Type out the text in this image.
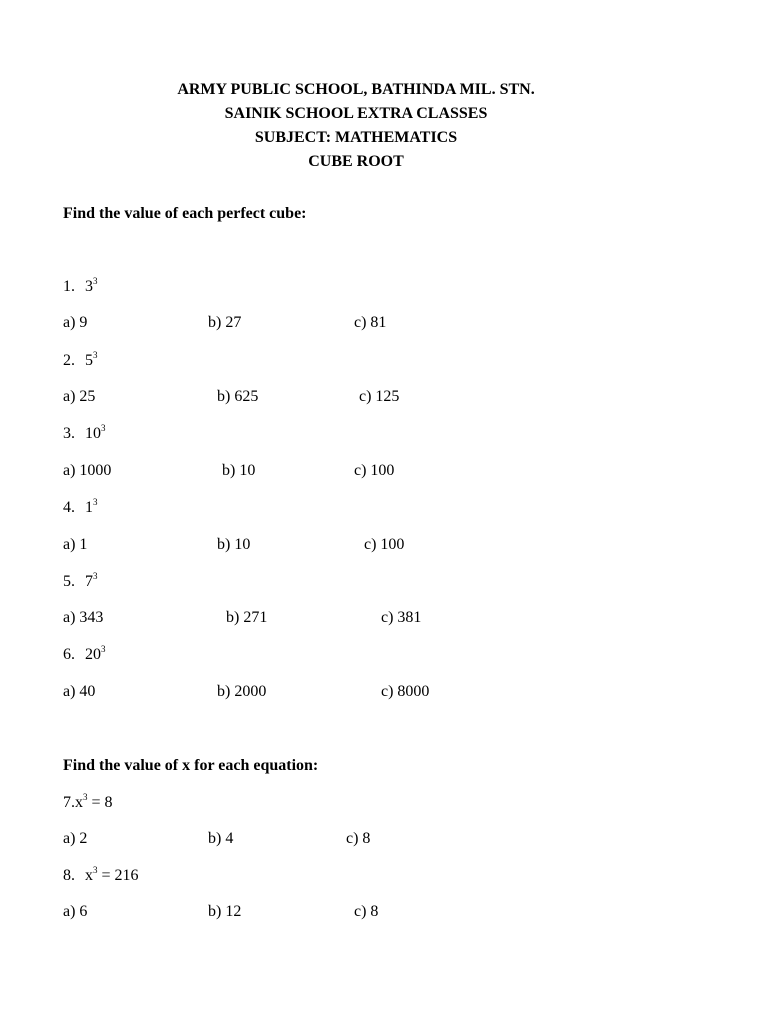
ARMY PUBLIC SCHOOL, BATHINDA MIL. STN.
SAINIK SCHOOL EXTRA CLASSES
SUBJECT: MATHEMATICS
CUBE ROOT
Find the value of each perfect cube:
1. $3^3$
a) 9	b) 27	c) 81
2. $5^3$
a) 25	b) 625	c) 125
3. $10^3$
a) 1000	b) 10	c) 100
4. $1^3$
a) 1	b) 10	c) 100
5. $7^3$
a) 343	b) 271	c) 381
6. $20^3$
a) 40	b) 2000	c) 8000
Find the value of x for each equation:
$7.x^3 = 8$
a) 2	b) 4	c) 8
8. $x^3 = 216$
a) 6	b) 12	c) 8
